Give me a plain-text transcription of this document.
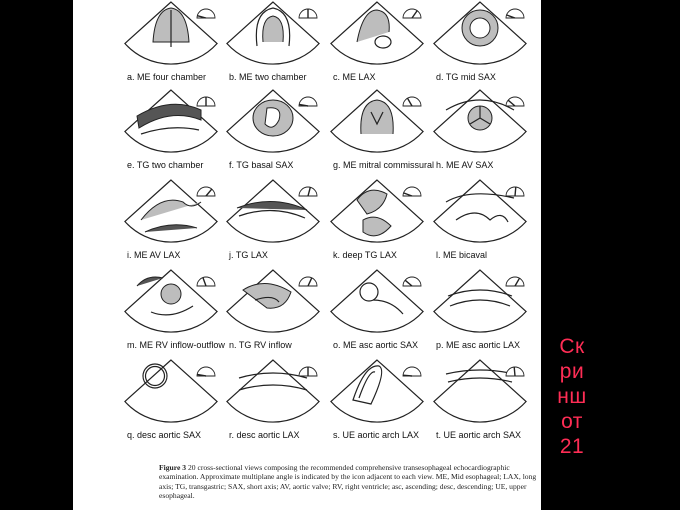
a. ME four chamber	b. ME two chamber	c. ME LAX	d. TG mid SAX
e. TG two chamber	f. TG basal SAX	g. ME mitral commissural h. ME AV SAX
i. ME AV LAX	j. TG LAX	k. deep TG LAX	l. ME bicaval
m. ME RV inflow-outflow n. TG RV inflow	o. ME asc aortic SAX p. ME asc aortic LAX
q. desc aortic SAX	r. desc aortic LAX	s. UE aortic arch LAX t. UE aortic arch SAX

Figure 3 20 cross-sectional views composing the recommended comprehensive transesophageal echocardiographic examination. Approximate multiplane angle is indicated by the icon adjacent to each view. ME, Mid esophageal; LAX, long axis; TG, transgastric; SAX, short axis; AV, aortic valve; RV, right ventricle; asc, ascending; desc, descending; UE, upper esophageal.

Ск
ри
нш
от
21
